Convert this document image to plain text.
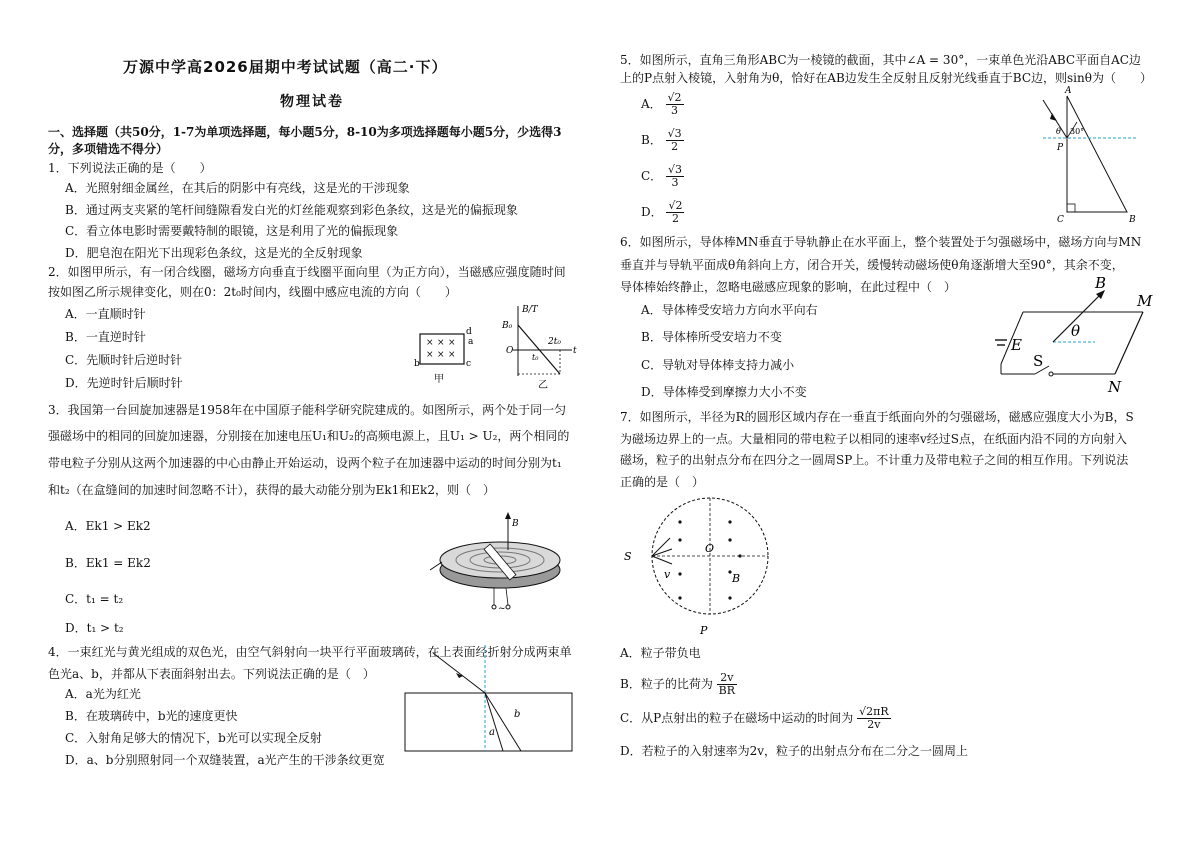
万源中学高2026届期中考试试题（高二·下）
物理试卷
一、选择题（共50分，1-7为单项选择题，每小题5分，8-10为多项选择题每小题5分，少选得3
分，多项错选不得分）
1．下列说法正确的是（　　）
A．光照射细金属丝，在其后的阴影中有亮线，这是光的干涉现象
B．通过两支夹紧的笔杆间缝隙看发白光的灯丝能观察到彩色条纹，这是光的偏振现象
C．看立体电影时需要戴特制的眼镜，这是利用了光的偏振现象
D．肥皂泡在阳光下出现彩色条纹，这是光的全反射现象
2．如图甲所示，有一闭合线圈，磁场方向垂直于线圈平面向里（为正方向），当磁感应强度随时间
按如图乙所示规律变化，则在0：2t₀时间内，线圈中感应电流的方向（　　）
A．一直顺时针
B．一直逆时针
C．先顺时针后逆时针
D．先逆时针后顺时针
b
d
c
a
× × ×
× × ×
甲
B/T
B₀
O	t
2t₀
t₀
乙
3．我国第一台回旋加速器是1958年在中国原子能科学研究院建成的。如图所示，两个处于同一匀
强磁场中的相同的回旋加速器，分别接在加速电压U₁和U₂的高频电源上，且U₁ > U₂，两个相同的
带电粒子分别从这两个加速器的中心由静止开始运动，设两个粒子在加速器中运动的时间分别为t₁
和t₂（在盒缝间的加速时间忽略不计），获得的最大动能分别为Ek1和Ek2，则（　）
A．Ek1 > Ek2
B．Ek1 = Ek2
C．t₁ = t₂
D．t₁ > t₂
B
~
4．一束红光与黄光组成的双色光，由空气斜射向一块平行平面玻璃砖，在上表面经折射分成两束单
色光a、b，并都从下表面斜射出去。下列说法正确的是（　）
A．a光为红光
B．在玻璃砖中，b光的速度更快
C．入射角足够大的情况下，b光可以实现全反射
D．a、b分别照射同一个双缝装置，a光产生的干涉条纹更宽
a
b
5．如图所示，直角三角形ABC为一棱镜的截面，其中∠A = 30°，一束单色光沿ABC平面自AC边
上的P点射入棱镜，入射角为θ，恰好在AB边发生全反射且反射光线垂直于BC边，则sinθ为（　　）
A． $\frac{√2}{3}$
B． $\frac{√3}{2}$
C． $\frac{√3}{3}$
D． $\frac{√2}{2}$
A
C	B
P
θ 30°
6．如图所示，导体棒MN垂直于导轨静止在水平面上，整个装置处于匀强磁场中，磁场方向与MN
垂直并与导轨平面成θ角斜向上方，闭合开关，缓慢转动磁场使θ角逐渐增大至90°，其余不变，
导体棒始终静止，忽略电磁感应现象的影响，在此过程中（　）
A．导体棒受安培力方向水平向右
B．导体棒所受安培力不变
C．导轨对导体棒支持力减小
D．导体棒受到摩擦力大小不变
B
M
N
E
S
θ
7．如图所示，半径为R的圆形区域内存在一垂直于纸面向外的匀强磁场，磁感应强度大小为B，S
为磁场边界上的一点。大量相同的带电粒子以相同的速率v经过S点，在纸面内沿不同的方向射入
磁场，粒子的出射点分布在四分之一圆周SP上。不计重力及带电粒子之间的相互作用。下列说法
正确的是（　）
S
O
B
v
P
A．粒子带负电
B．粒子的比荷为 $\frac{2v}{BR}$
C．从P点射出的粒子在磁场中运动的时间为 $\frac{√2\pi R}{2v}$
D．若粒子的入射速率为2v，粒子的出射点分布在二分之一圆周上
